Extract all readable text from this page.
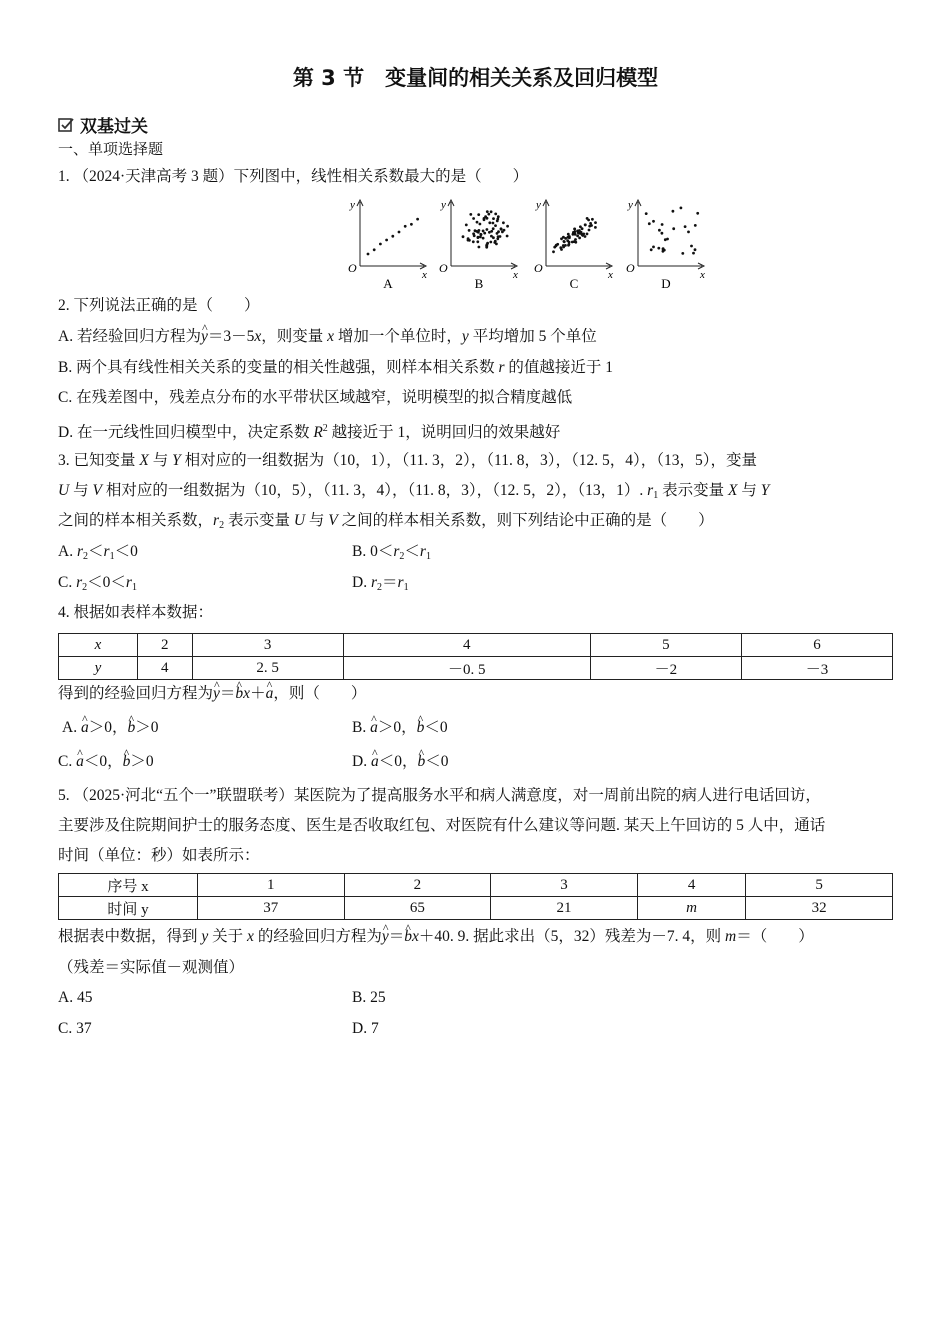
第 3 节　变量间的相关关系及回归模型
双基过关
一、单项选择题
1. （2024·天津高考 3 题）下列图中，线性相关系数最大的是（　　）
y
x
O
A
y
x
O
B
y
x
O
C
y
x
O
D
2. 下列说法正确的是（　　）
A. 若经验回归方程为^ y＝3－5x，则变量 x 增加一个单位时，y 平均增加 5 个单位
B. 两个具有线性相关关系的变量的相关性越强，则样本相关系数 r 的值越接近于 1
C. 在残差图中，残差点分布的水平带状区域越窄，说明模型的拟合精度越低
D. 在一元线性回归模型中，决定系数 $R^2$ 越接近于 1，说明回归的效果越好
3. 已知变量 X 与 Y 相对应的一组数据为（10，1），（11. 3，2），（11. 8，3），（12. 5，4），（13，5），变量
U 与 V 相对应的一组数据为（10，5），（11. 3，4），（11. 8，3），（12. 5，2），（13，1）. $r_1$ 表示变量 X 与 Y
之间的样本相关系数，$r_2$ 表示变量 U 与 V 之间的样本相关系数，则下列结论中正确的是（　　）
A. $r_2<r_1<0$	B. $0<r_2<r_1$
C. $r_2<0<r_1$	D. $r_2=r_1$
4. 根据如表样本数据：
x	2	3	4	5	6
y	4	2. 5	－0. 5	－2	－3
得到的经验回归方程为^ y＝^ bx＋^ a，则（　　）
A. ^ a＞0，^ b＞0	B. ^ a＞0，^ b＜0
C. ^ a＜0，^ b＞0	D. ^ a＜0，^ b＜0
5. （2025·河北“五个一”联盟联考）某医院为了提高服务水平和病人满意度，对一周前出院的病人进行电话回访，
主要涉及住院期间护士的服务态度、医生是否收取红包、对医院有什么建议等问题. 某天上午回访的 5 人中，通话
时间（单位：秒）如表所示：
序号 x	1	2	3	4	5
时间 y	37	65	21	m	32
根据表中数据，得到 y 关于 x 的经验回归方程为^ y＝^ bx＋40. 9. 据此求出（5，32）残差为－7. 4，则 m＝（　　）
（残差＝实际值－观测值）
A. 45	B. 25
C. 37	D. 7
